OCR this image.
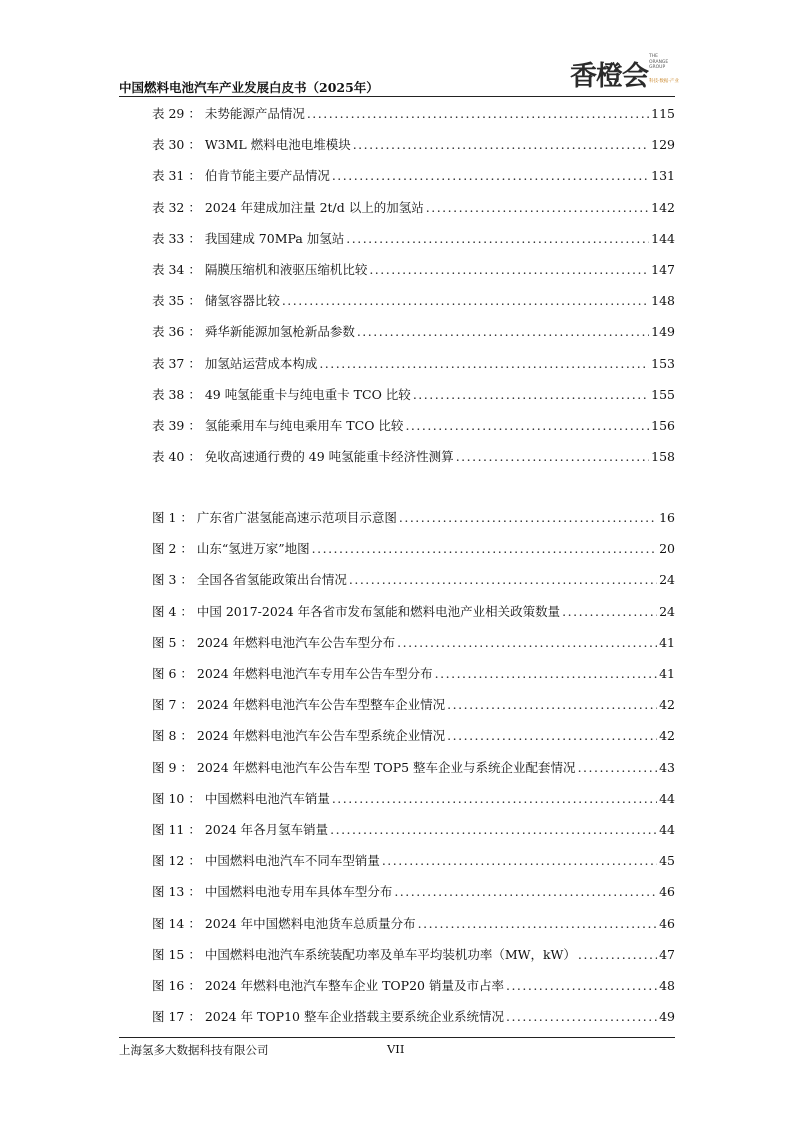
中国燃料电池汽车产业发展白皮书（2025年）	香橙会
THE ORANGE GROUP
科技·数据·产业
表 29 ： 未势能源产品情况 .....	115
表 30 ： W3ML 燃料电池电堆模块 .....	129
表 31 ： 伯肯节能主要产品情况 .....	131
表 32 ： 2024 年建成加注量 2t/d 以上的加氢站 .....	142
表 33 ： 我国建成 70MPa 加氢站 .....	144
表 34 ： 隔膜压缩机和液驱压缩机比较 .....	147
表 35 ： 储氢容器比较 .....	148
表 36 ： 舜华新能源加氢枪新品参数 .....	149
表 37 ： 加氢站运营成本构成 .....	153
表 38 ： 49 吨氢能重卡与纯电重卡 TCO 比较 .....	155
表 39 ： 氢能乘用车与纯电乘用车 TCO 比较 .....	156
表 40 ： 免收高速通行费的 49 吨氢能重卡经济性测算 .....	158
图 1 ： 广东省广湛氢能高速示范项目示意图 .....	16
图 2 ： 山东“氢进万家”地图 .....	20
图 3 ： 全国各省氢能政策出台情况 .....	24
图 4 ： 中国 2017-2024 年各省市发布氢能和燃料电池产业相关政策数量 .....	24
图 5 ： 2024 年燃料电池汽车公告车型分布 .....	41
图 6 ： 2024 年燃料电池汽车专用车公告车型分布 .....	41
图 7 ： 2024 年燃料电池汽车公告车型整车企业情况 .....	42
图 8 ： 2024 年燃料电池汽车公告车型系统企业情况 .....	42
图 9 ： 2024 年燃料电池汽车公告车型 TOP5 整车企业与系统企业配套情况 .....	43
图 10 ： 中国燃料电池汽车销量 .....	44
图 11 ： 2024 年各月氢车销量 .....	44
图 12 ： 中国燃料电池汽车不同车型销量 .....	45
图 13 ： 中国燃料电池专用车具体车型分布 .....	46
图 14 ： 2024 年中国燃料电池货车总质量分布 .....	46
图 15 ： 中国燃料电池汽车系统装配功率及单车平均装机功率（MW，kW） .....	47
图 16 ： 2024 年燃料电池汽车整车企业 TOP20 销量及市占率 .....	48
图 17 ： 2024 年 TOP10 整车企业搭载主要系统企业系统情况 .....	49
上海氢多大数据科技有限公司	VII
